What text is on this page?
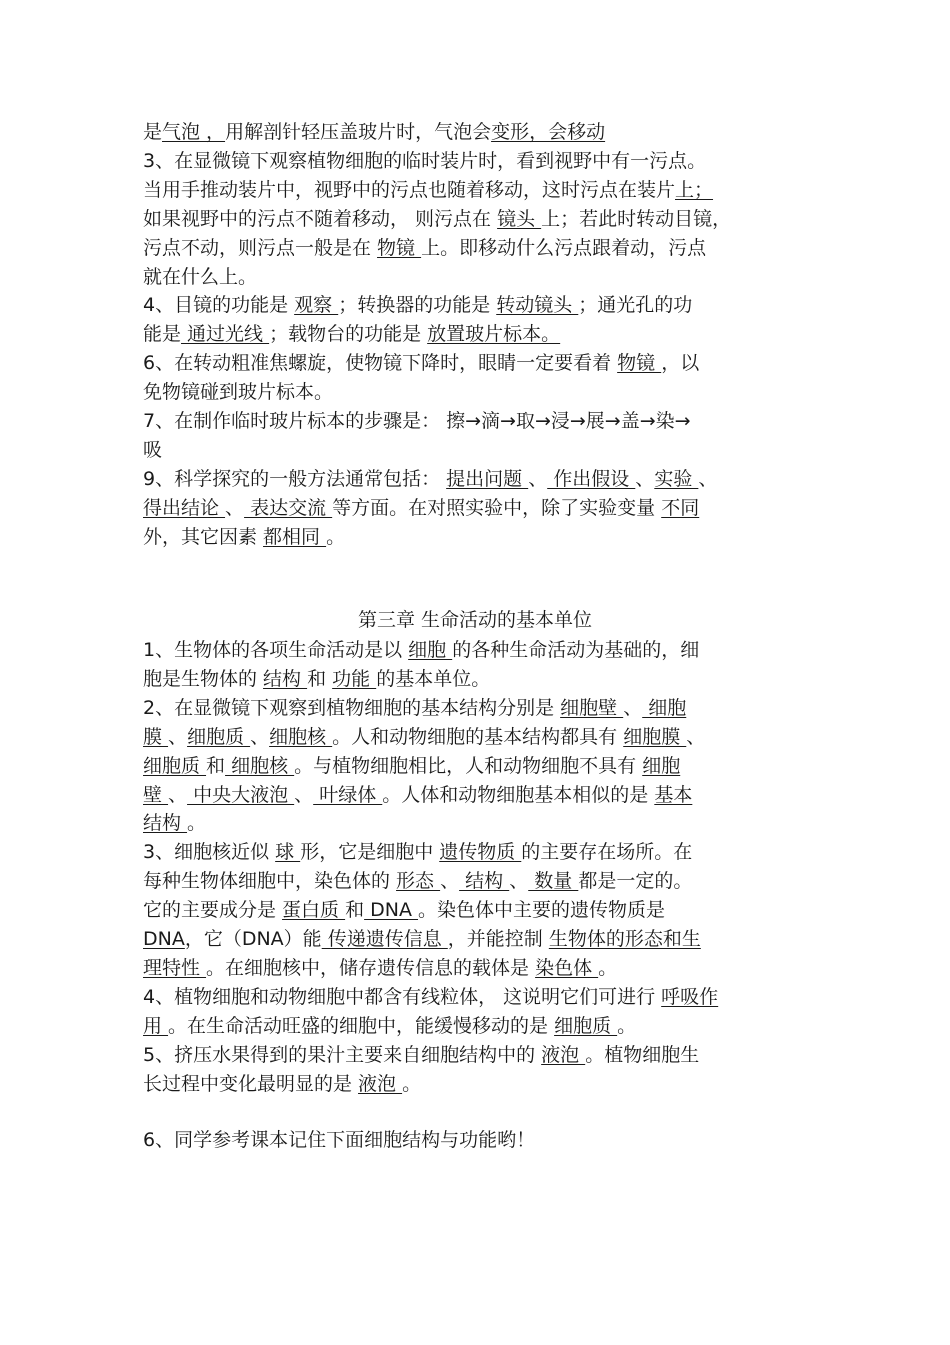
是气泡 ，用解剖针轻压盖玻片时，气泡会变形，会移动
3、在显微镜下观察植物细胞的临时装片时，看到视野中有一污点。
当用手推动装片中，视野中的污点也随着移动，这时污点在装片上；
如果视野中的污点不随着移动， 则污点在 镜头 上；若此时转动目镜，
污点不动，则污点一般是在 物镜 上。即移动什么污点跟着动，污点
就在什么上。
4、目镜的功能是 观察 ；转换器的功能是 转动镜头 ；通光孔的功
能是 通过光线 ；载物台的功能是 放置玻片标本。
6、在转动粗准焦螺旋，使物镜下降时，眼睛一定要看着 物镜 ，以
免物镜碰到玻片标本。
7、在制作临时玻片标本的步骤是： 擦→滴→取→浸→展→盖→染→
吸
9、科学探究的一般方法通常包括： 提出问题 、 作出假设 、实验 、
得出结论 、 表达交流 等方面。在对照实验中，除了实验变量 不同
外，其它因素 都相同 。
第三章 生命活动的基本单位
1、生物体的各项生命活动是以 细胞 的各种生命活动为基础的，细
胞是生物体的 结构 和 功能 的基本单位。
2、在显微镜下观察到植物细胞的基本结构分别是 细胞壁 、 细胞
膜 、细胞质 、细胞核 。人和动物细胞的基本结构都具有 细胞膜 、
细胞质 和 细胞核 。与植物细胞相比，人和动物细胞不具有 细胞
壁 、 中央大液泡 、 叶绿体 。人体和动物细胞基本相似的是 基本
结构 。
3、细胞核近似 球 形，它是细胞中 遗传物质 的主要存在场所。在
每种生物体细胞中，染色体的 形态 、 结构 、 数量 都是一定的。
它的主要成分是 蛋白质 和 DNA 。染色体中主要的遗传物质是
DNA，它（DNA）能 传递遗传信息 ，并能控制 生物体的形态和生
理特性 。在细胞核中，储存遗传信息的载体是 染色体 。
4、植物细胞和动物细胞中都含有线粒体， 这说明它们可进行 呼吸作
用 。在生命活动旺盛的细胞中，能缓慢移动的是 细胞质 。
5、挤压水果得到的果汁主要来自细胞结构中的 液泡 。植物细胞生
长过程中变化最明显的是 液泡 。
6、同学参考课本记住下面细胞结构与功能哟！
